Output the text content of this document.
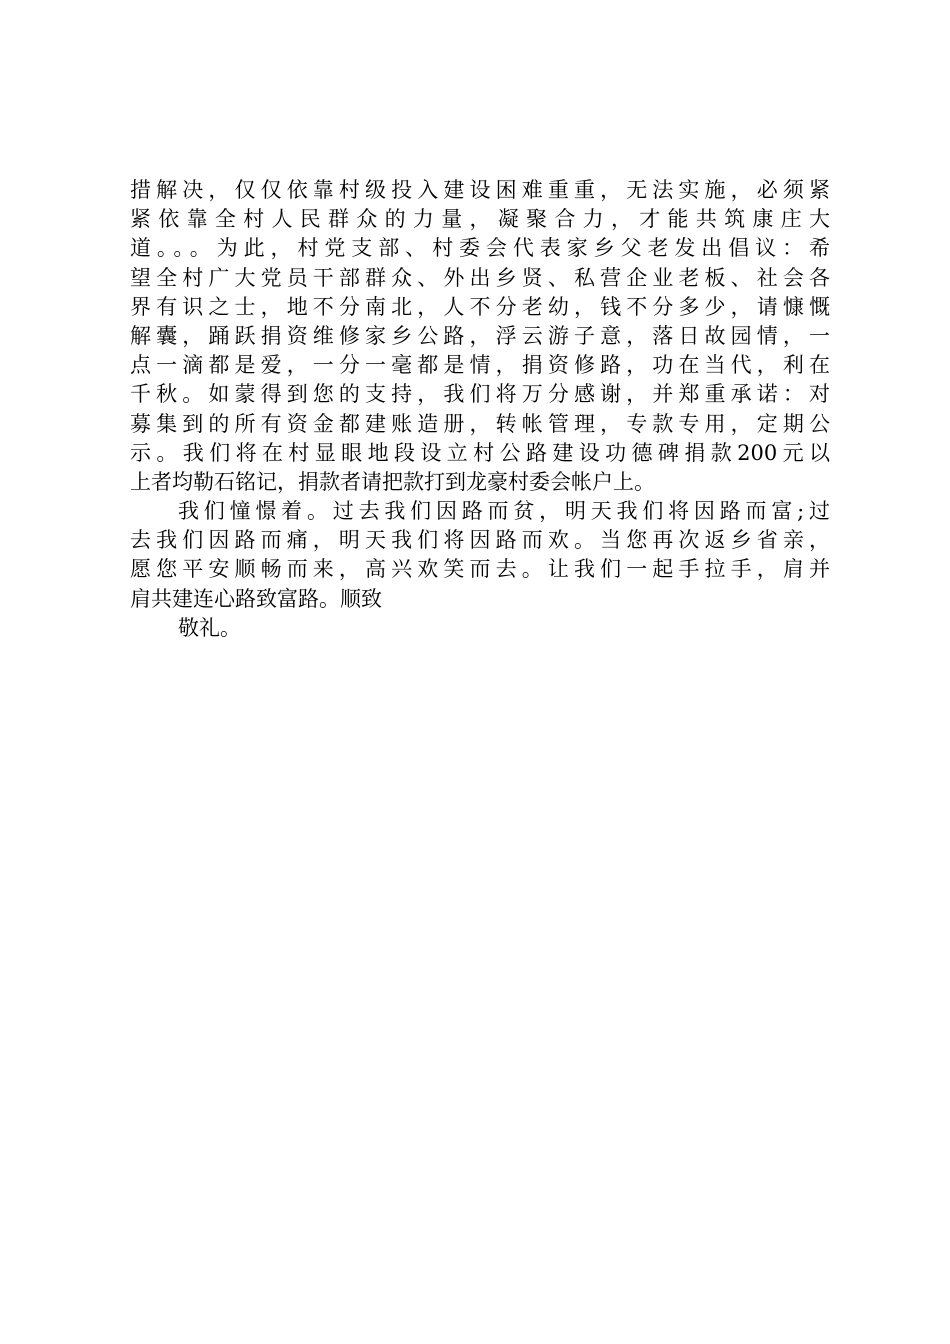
措解决，仅仅依靠村级投入建设困难重重，无法实施，必须紧
紧依靠全村人民群众的力量，凝聚合力，才能共筑康庄大
道。。。为此，村党支部、村委会代表家乡父老发出倡议：希
望全村广大党员干部群众、外出乡贤、私营企业老板、社会各
界有识之士，地不分南北，人不分老幼，钱不分多少，请慷慨
解囊，踊跃捐资维修家乡公路，浮云游子意，落日故园情，一
点一滴都是爱，一分一毫都是情，捐资修路，功在当代，利在
千秋。如蒙得到您的支持，我们将万分感谢，并郑重承诺：对
募集到的所有资金都建账造册，转帐管理，专款专用，定期公
示。我们将在村显眼地段设立村公路建设功德碑捐款200元以
上者均勒石铭记，捐款者请把款打到龙豪村委会帐户上。
我们憧憬着。过去我们因路而贫，明天我们将因路而富;过
去我们因路而痛，明天我们将因路而欢。当您再次返乡省亲，
愿您平安顺畅而来，高兴欢笑而去。让我们一起手拉手，肩并
肩共建连心路致富路。顺致
敬礼。
